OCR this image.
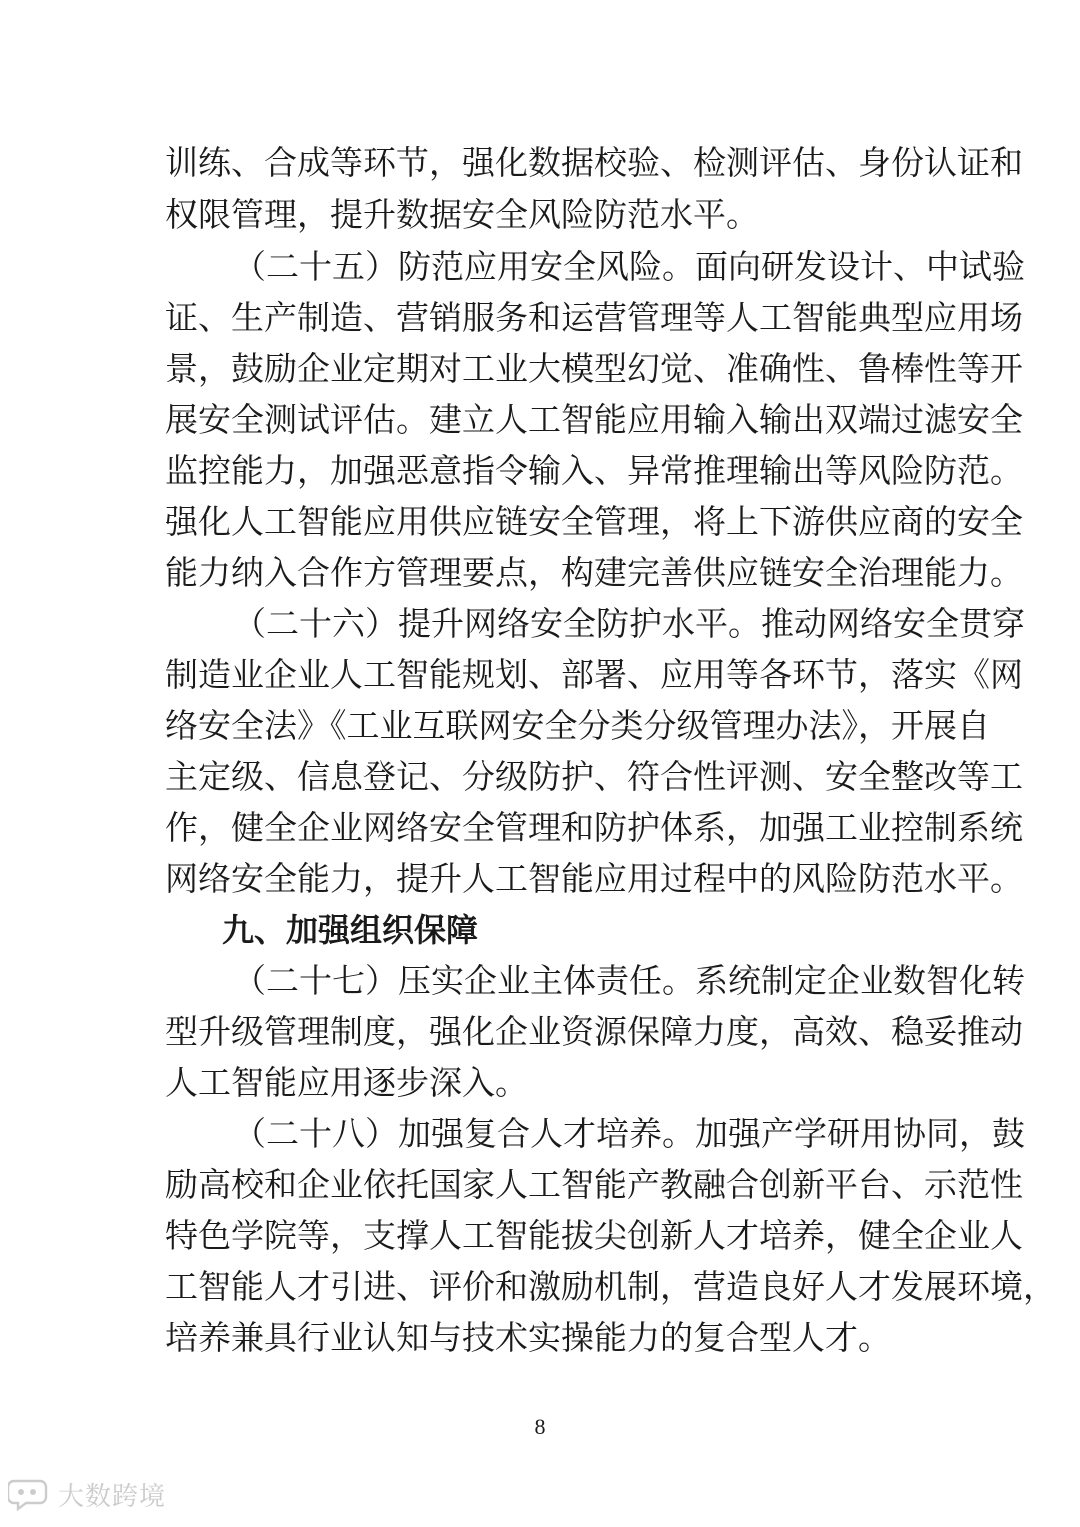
训练、合成等环节，强化数据校验、检测评估、身份认证和
权限管理，提升数据安全风险防范水平。
（二十五）防范应用安全风险。面向研发设计、中试验
证、生产制造、营销服务和运营管理等人工智能典型应用场
景，鼓励企业定期对工业大模型幻觉、准确性、鲁棒性等开
展安全测试评估。建立人工智能应用输入输出双端过滤安全
监控能力，加强恶意指令输入、异常推理输出等风险防范。
强化人工智能应用供应链安全管理，将上下游供应商的安全
能力纳入合作方管理要点，构建完善供应链安全治理能力。
（二十六）提升网络安全防护水平。推动网络安全贯穿
制造业企业人工智能规划、部署、应用等各环节，落实《网
络安全法》《工业互联网安全分类分级管理办法》，开展自
主定级、信息登记、分级防护、符合性评测、安全整改等工
作，健全企业网络安全管理和防护体系，加强工业控制系统
网络安全能力，提升人工智能应用过程中的风险防范水平。
九、加强组织保障
（二十七）压实企业主体责任。系统制定企业数智化转
型升级管理制度，强化企业资源保障力度，高效、稳妥推动
人工智能应用逐步深入。
（二十八）加强复合人才培养。加强产学研用协同，鼓
励高校和企业依托国家人工智能产教融合创新平台、示范性
特色学院等，支撑人工智能拔尖创新人才培养，健全企业人
工智能人才引进、评价和激励机制，营造良好人才发展环境，
培养兼具行业认知与技术实操能力的复合型人才。
8
大数跨境
